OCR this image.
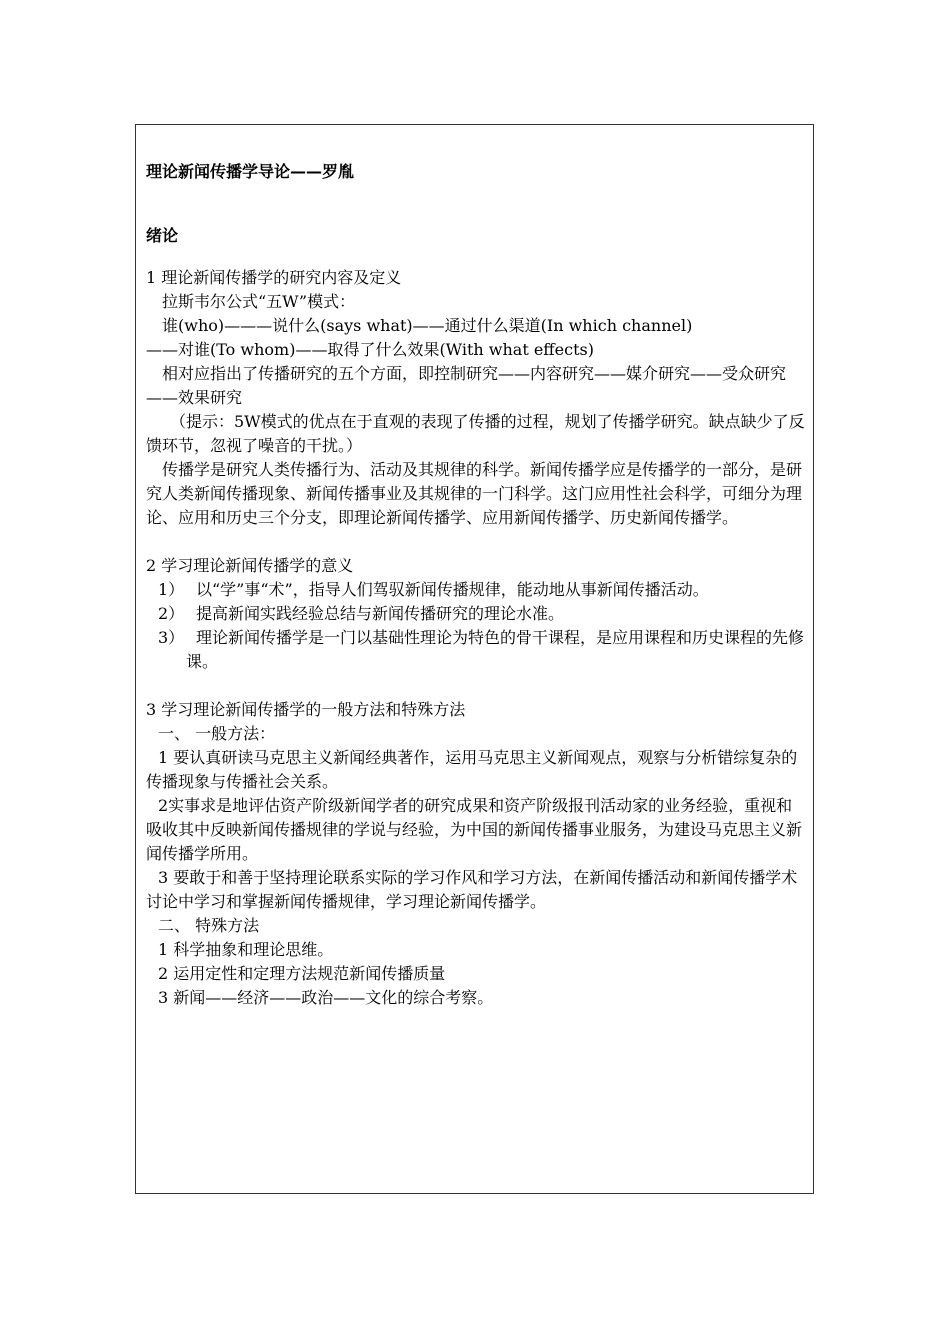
理论新闻传播学导论——罗胤

绪论

1 理论新闻传播学的研究内容及定义

拉斯韦尔公式“五W”模式：

谁(who)———说什么(says what)——通过什么渠道(In which channel)

——对谁(To whom)——取得了什么效果(With what effects)

相对应指出了传播研究的五个方面，即控制研究——内容研究——媒介研究——受众研究——效果研究

（提示：5W模式的优点在于直观的表现了传播的过程，规划了传播学研究。缺点缺少了反馈环节，忽视了噪音的干扰。）

传播学是研究人类传播行为、活动及其规律的科学。新闻传播学应是传播学的一部分，是研究人类新闻传播现象、新闻传播事业及其规律的一门科学。这门应用性社会科学，可细分为理论、应用和历史三个分支，即理论新闻传播学、应用新闻传播学、历史新闻传播学。

2 学习理论新闻传播学的意义

1） 以“学”事“术”，指导人们驾驭新闻传播规律，能动地从事新闻传播活动。
2） 提高新闻实践经验总结与新闻传播研究的理论水准。
3） 理论新闻传播学是一门以基础性理论为特色的骨干课程，是应用课程和历史课程的先修课。

3 学习理论新闻传播学的一般方法和特殊方法

一、 一般方法：

1 要认真研读马克思主义新闻经典著作，运用马克思主义新闻观点，观察与分析错综复杂的传播现象与传播社会关系。

2实事求是地评估资产阶级新闻学者的研究成果和资产阶级报刊活动家的业务经验，重视和吸收其中反映新闻传播规律的学说与经验，为中国的新闻传播事业服务，为建设马克思主义新闻传播学所用。

3 要敢于和善于坚持理论联系实际的学习作风和学习方法，在新闻传播活动和新闻传播学术讨论中学习和掌握新闻传播规律，学习理论新闻传播学。

二、 特殊方法

1 科学抽象和理论思维。

2 运用定性和定理方法规范新闻传播质量

3 新闻——经济——政治——文化的综合考察。
